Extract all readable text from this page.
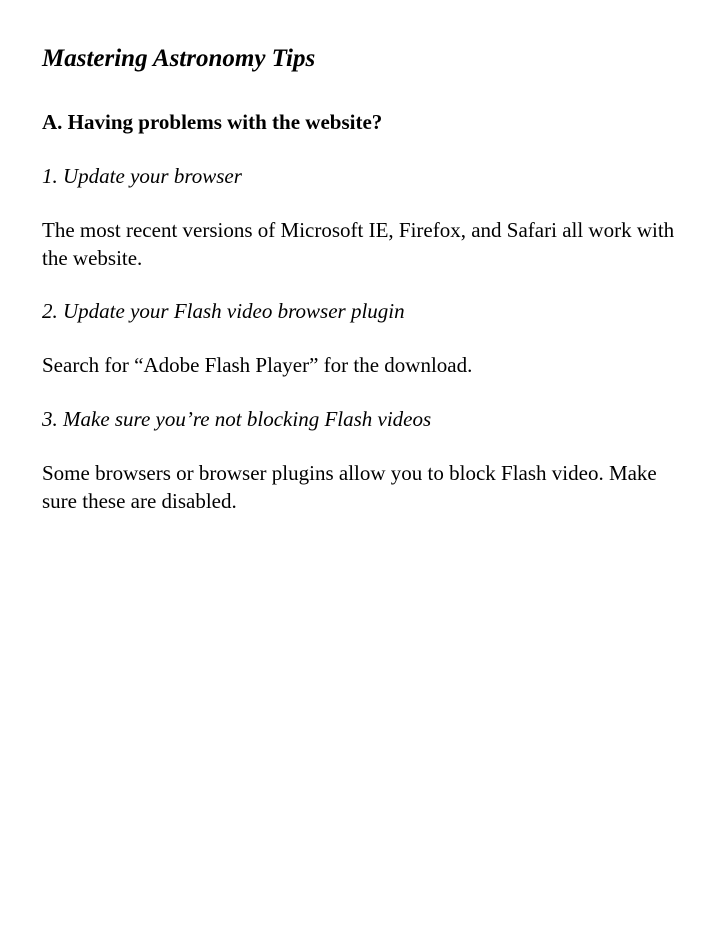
Mastering Astronomy Tips
A. Having problems with the website?

1. Update your browser

The most recent versions of Microsoft IE, Firefox, and Safari all work with the website.

2. Update your Flash video browser plugin

Search for “Adobe Flash Player” for the download.

3. Make sure you’re not blocking Flash videos

Some browsers or browser plugins allow you to block Flash video. Make sure these are disabled.
